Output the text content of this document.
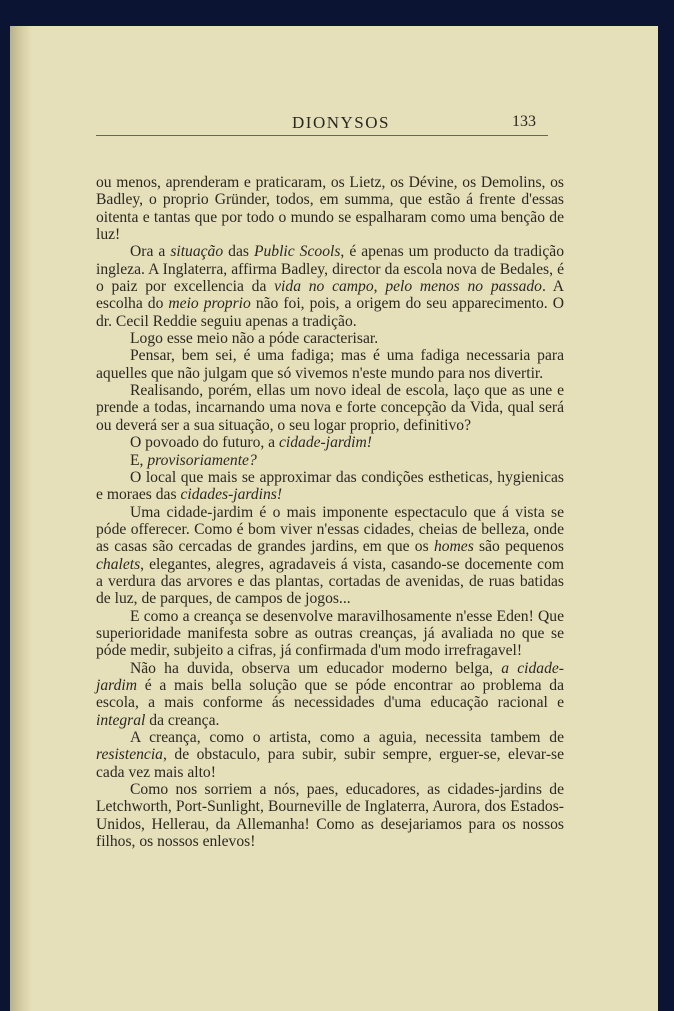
DIONYSOS	133

ou menos, aprenderam e praticaram, os Lietz, os Dévine, os Demolins, os Badley, o proprio Gründer, todos, em summa, que estão á frente d'essas oitenta e tantas que por todo o mundo se espalharam como uma benção de luz!

Ora a situação das Public Scools, é apenas um producto da tradição ingleza. A Inglaterra, affirma Badley, director da escola nova de Bedales, é o paiz por excellencia da vida no campo, pelo menos no passado. A escolha do meio proprio não foi, pois, a origem do seu apparecimento. O dr. Cecil Reddie seguiu apenas a tradição.

Logo esse meio não a póde caracterisar.

Pensar, bem sei, é uma fadiga; mas é uma fadiga necessaria para aquelles que não julgam que só vivemos n'este mundo para nos divertir.

Realisando, porém, ellas um novo ideal de escola, laço que as une e prende a todas, incarnando uma nova e forte concepção da Vida, qual será ou deverá ser a sua situação, o seu logar proprio, definitivo?

O povoado do futuro, a cidade-jardim!

E, provisoriamente?

O local que mais se approximar das condições estheticas, hygienicas e moraes das cidades-jardins!

Uma cidade-jardim é o mais imponente espectaculo que á vista se póde offerecer. Como é bom viver n'essas cidades, cheias de belleza, onde as casas são cercadas de grandes jardins, em que os homes são pequenos chalets, elegantes, alegres, agradaveis á vista, casando-se docemente com a verdura das arvores e das plantas, cortadas de avenidas, de ruas batidas de luz, de parques, de campos de jogos...

E como a creança se desenvolve maravilhosamente n'esse Eden! Que superioridade manifesta sobre as outras creanças, já avaliada no que se póde medir, subjeito a cifras, já confirmada d'um modo irrefragavel!

Não ha duvida, observa um educador moderno belga, a cidade-jardim é a mais bella solução que se póde encontrar ao problema da escola, a mais conforme ás necessidades d'uma educação racional e integral da creança.

A creança, como o artista, como a aguia, necessita tambem de resistencia, de obstaculo, para subir, subir sempre, erguer-se, elevar-se cada vez mais alto!

Como nos sorriem a nós, paes, educadores, as cidades-jardins de Letchworth, Port-Sunlight, Bourneville de Inglaterra, Aurora, dos Estados-Unidos, Hellerau, da Allemanha! Como as desejariamos para os nossos filhos, os nossos enlevos!
